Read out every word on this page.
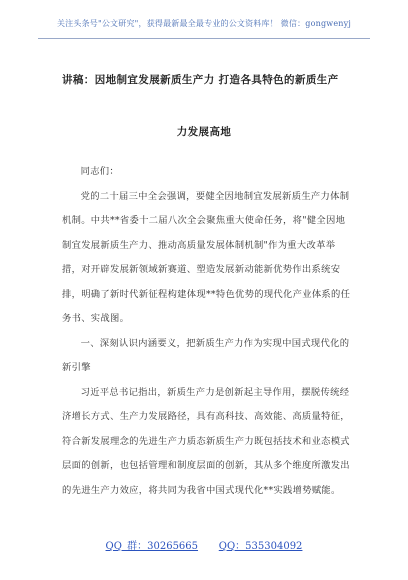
关注头条号"公文研究"，获得最新最全最专业的公文资料库！ 微信：gongwenyj
讲稿：因地制宜发展新质生产力 打造各具特色的新质生产
力发展高地

同志们：

党的二十届三中全会强调，要健全因地制宜发展新质生产力体制机制。中共**省委十二届八次全会聚焦重大使命任务，将"健全因地制宜发展新质生产力、推动高质量发展体制机制"作为重大改革举措，对开辟发展新领域新赛道、塑造发展新动能新优势作出系统安排，明确了新时代新征程构建体现**特色优势的现代化产业体系的任务书、实战图。

一、深刻认识内涵要义，把新质生产力作为实现中国式现代化的新引擎

习近平总书记指出，新质生产力是创新起主导作用，摆脱传统经济增长方式、生产力发展路径，具有高科技、高效能、高质量特征，符合新发展理念的先进生产力质态新质生产力既包括技术和业态模式层面的创新，也包括管理和制度层面的创新，其从多个维度所激发出的先进生产力效应，将共同为我省中国式现代化**实践增势赋能。

QQ 群：30265665 QQ：535304092
